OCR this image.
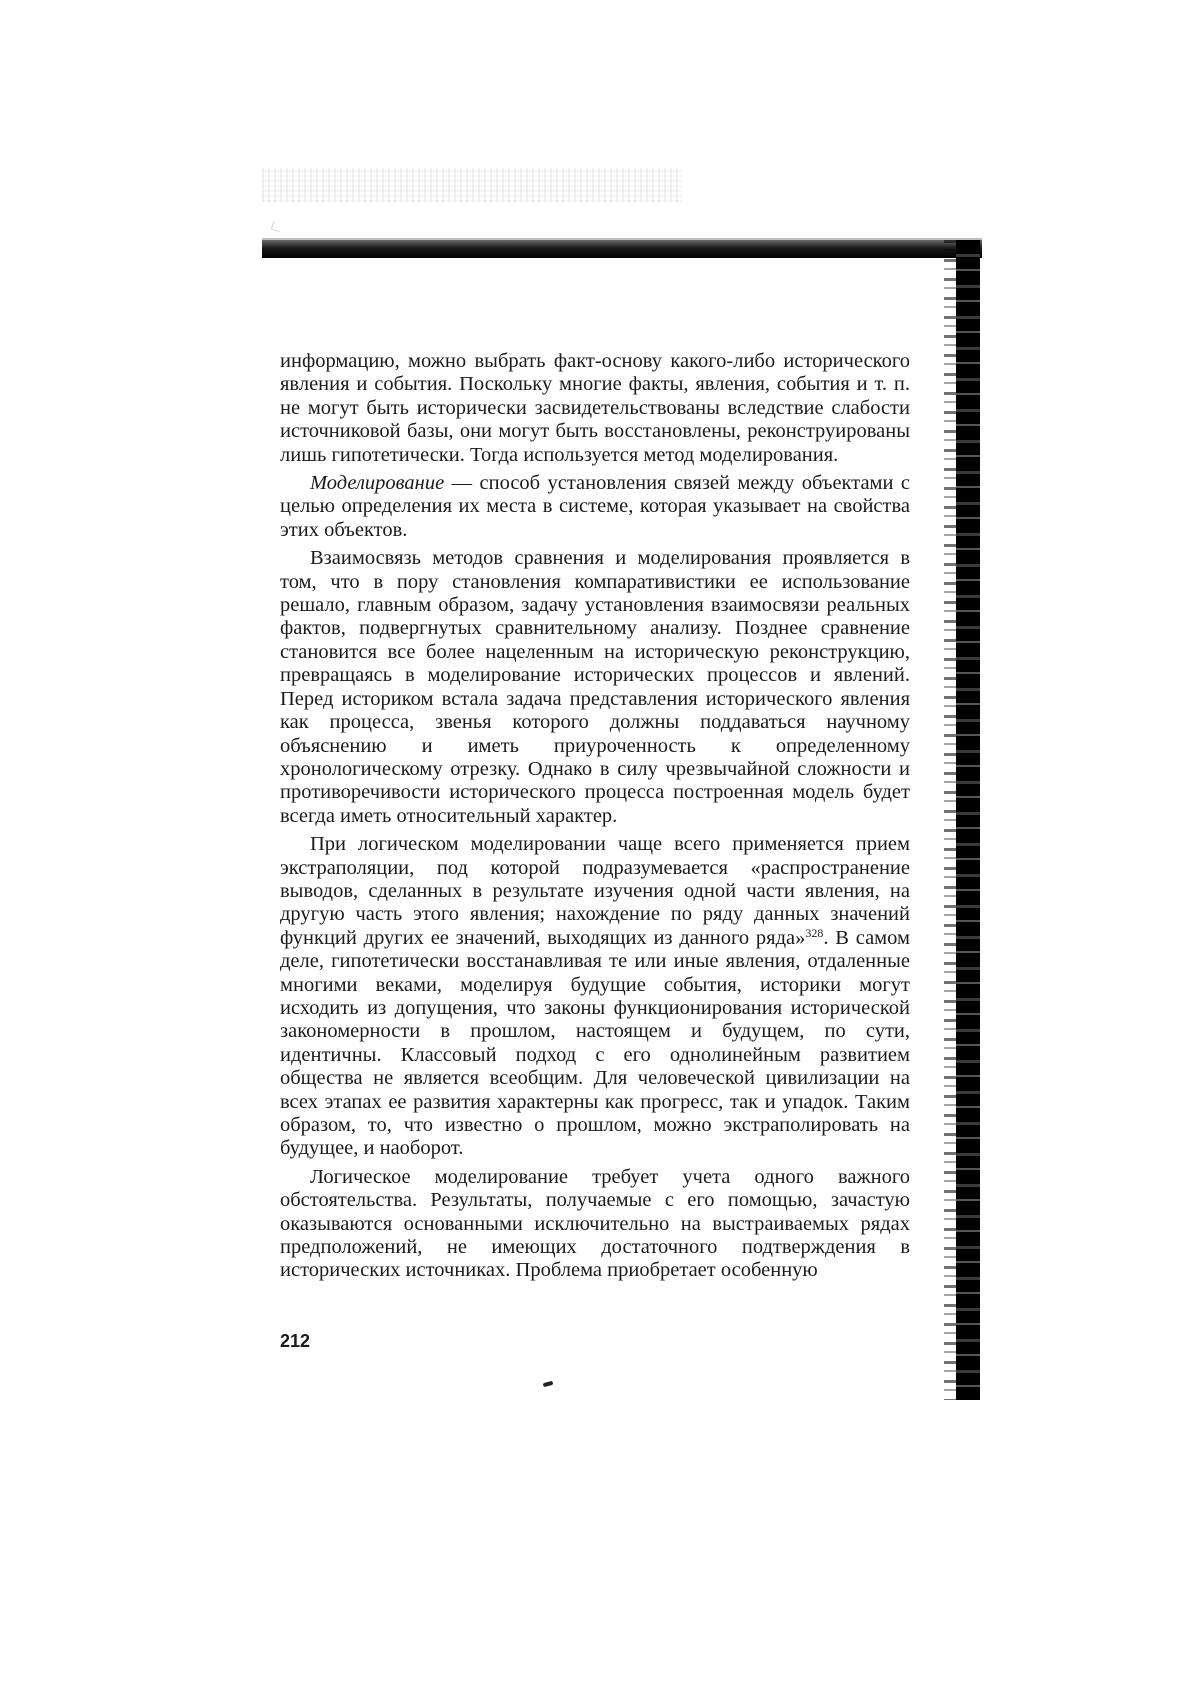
информацию, можно выбрать факт-основу какого-либо исторического явления и события. Поскольку многие факты, явления, события и т. п. не могут быть исторически засвидетельствованы вследствие слабости источниковой базы, они могут быть восстановлены, реконструированы лишь гипотетически. Тогда используется метод моделирования.

Моделирование — способ установления связей между объектами с целью определения их места в системе, которая указывает на свойства этих объектов.

Взаимосвязь методов сравнения и моделирования проявляется в том, что в пору становления компаративистики ее использование решало, главным образом, задачу установления взаимосвязи реальных фактов, подвергнутых сравнительному анализу. Позднее сравнение становится все более нацеленным на историческую реконструкцию, превращаясь в моделирование исторических процессов и явлений. Перед историком встала задача представления исторического явления как процесса, звенья которого должны поддаваться научному объяснению и иметь приуроченность к определенному хронологическому отрезку. Однако в силу чрезвычайной сложности и противоречивости исторического процесса построенная модель будет всегда иметь относительный характер.

При логическом моделировании чаще всего применяется прием экстраполяции, под которой подразумевается «распространение выводов, сделанных в результате изучения одной части явления, на другую часть этого явления; нахождение по ряду данных значений функций других ее значений, выходящих из данного ряда»$^{328}$. В самом деле, гипотетически восстанавливая те или иные явления, отдаленные многими веками, моделируя будущие события, историки могут исходить из допущения, что законы функционирования исторической закономерности в прошлом, настоящем и будущем, по сути, идентичны. Классовый подход с его однолинейным развитием общества не является всеобщим. Для человеческой цивилизации на всех этапах ее развития характерны как прогресс, так и упадок. Таким образом, то, что известно о прошлом, можно экстраполировать на будущее, и наоборот.

Логическое моделирование требует учета одного важного обстоятельства. Результаты, получаемые с его помощью, зачастую оказываются основанными исключительно на выстраиваемых рядах предположений, не имеющих достаточного подтверждения в исторических источниках. Проблема приобретает особенную

212
